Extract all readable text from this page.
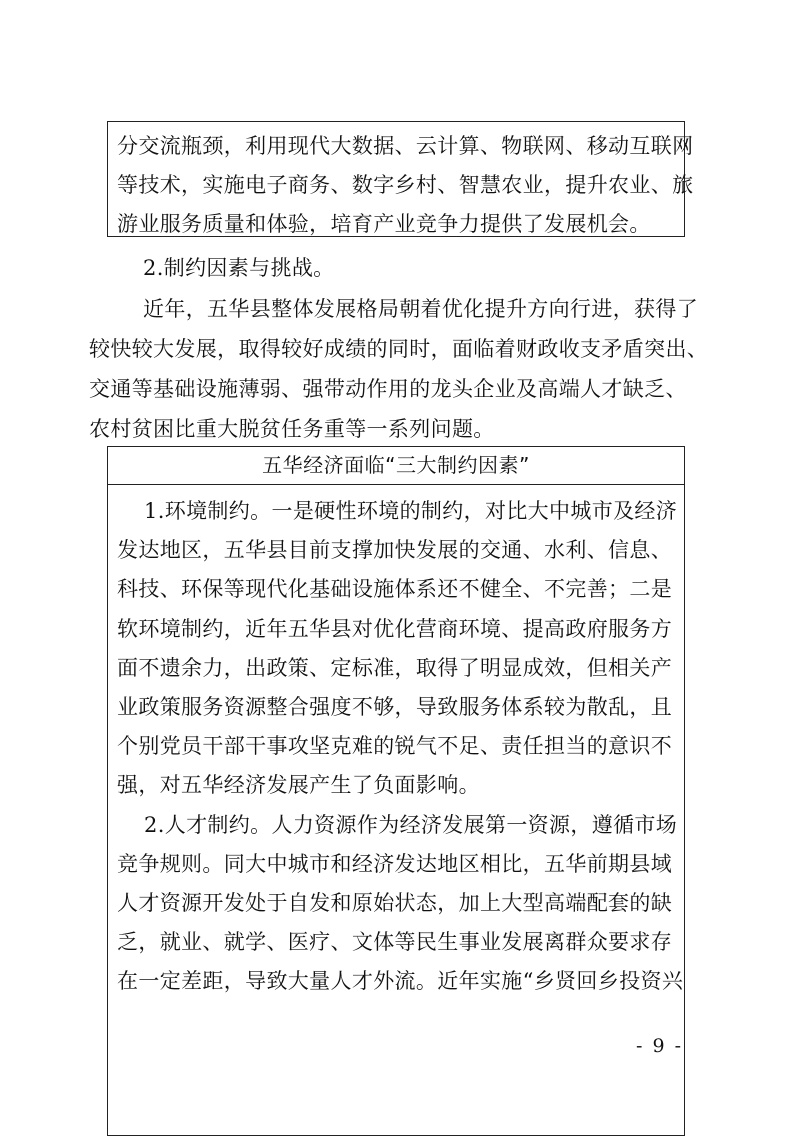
分交流瓶颈，利用现代大数据、云计算、物联网、移动互联网
等技术，实施电子商务、数字乡村、智慧农业，提升农业、旅
游业服务质量和体验，培育产业竞争力提供了发展机会。
2.制约因素与挑战。
近年，五华县整体发展格局朝着优化提升方向行进，获得了
较快较大发展，取得较好成绩的同时，面临着财政收支矛盾突出、
交通等基础设施薄弱、强带动作用的龙头企业及高端人才缺乏、
农村贫困比重大脱贫任务重等一系列问题。
五华经济面临“三大制约因素”
1.环境制约。一是硬性环境的制约，对比大中城市及经济
发达地区，五华县目前支撑加快发展的交通、水利、信息、
科技、环保等现代化基础设施体系还不健全、不完善；二是
软环境制约，近年五华县对优化营商环境、提高政府服务方
面不遗余力，出政策、定标准，取得了明显成效，但相关产
业政策服务资源整合强度不够，导致服务体系较为散乱，且
个别党员干部干事攻坚克难的锐气不足、责任担当的意识不
强，对五华经济发展产生了负面影响。
2.人才制约。人力资源作为经济发展第一资源，遵循市场
竞争规则。同大中城市和经济发达地区相比，五华前期县域
人才资源开发处于自发和原始状态，加上大型高端配套的缺
乏，就业、就学、医疗、文体等民生事业发展离群众要求存
在一定差距，导致大量人才外流。近年实施“乡贤回乡投资兴
- 9 -
